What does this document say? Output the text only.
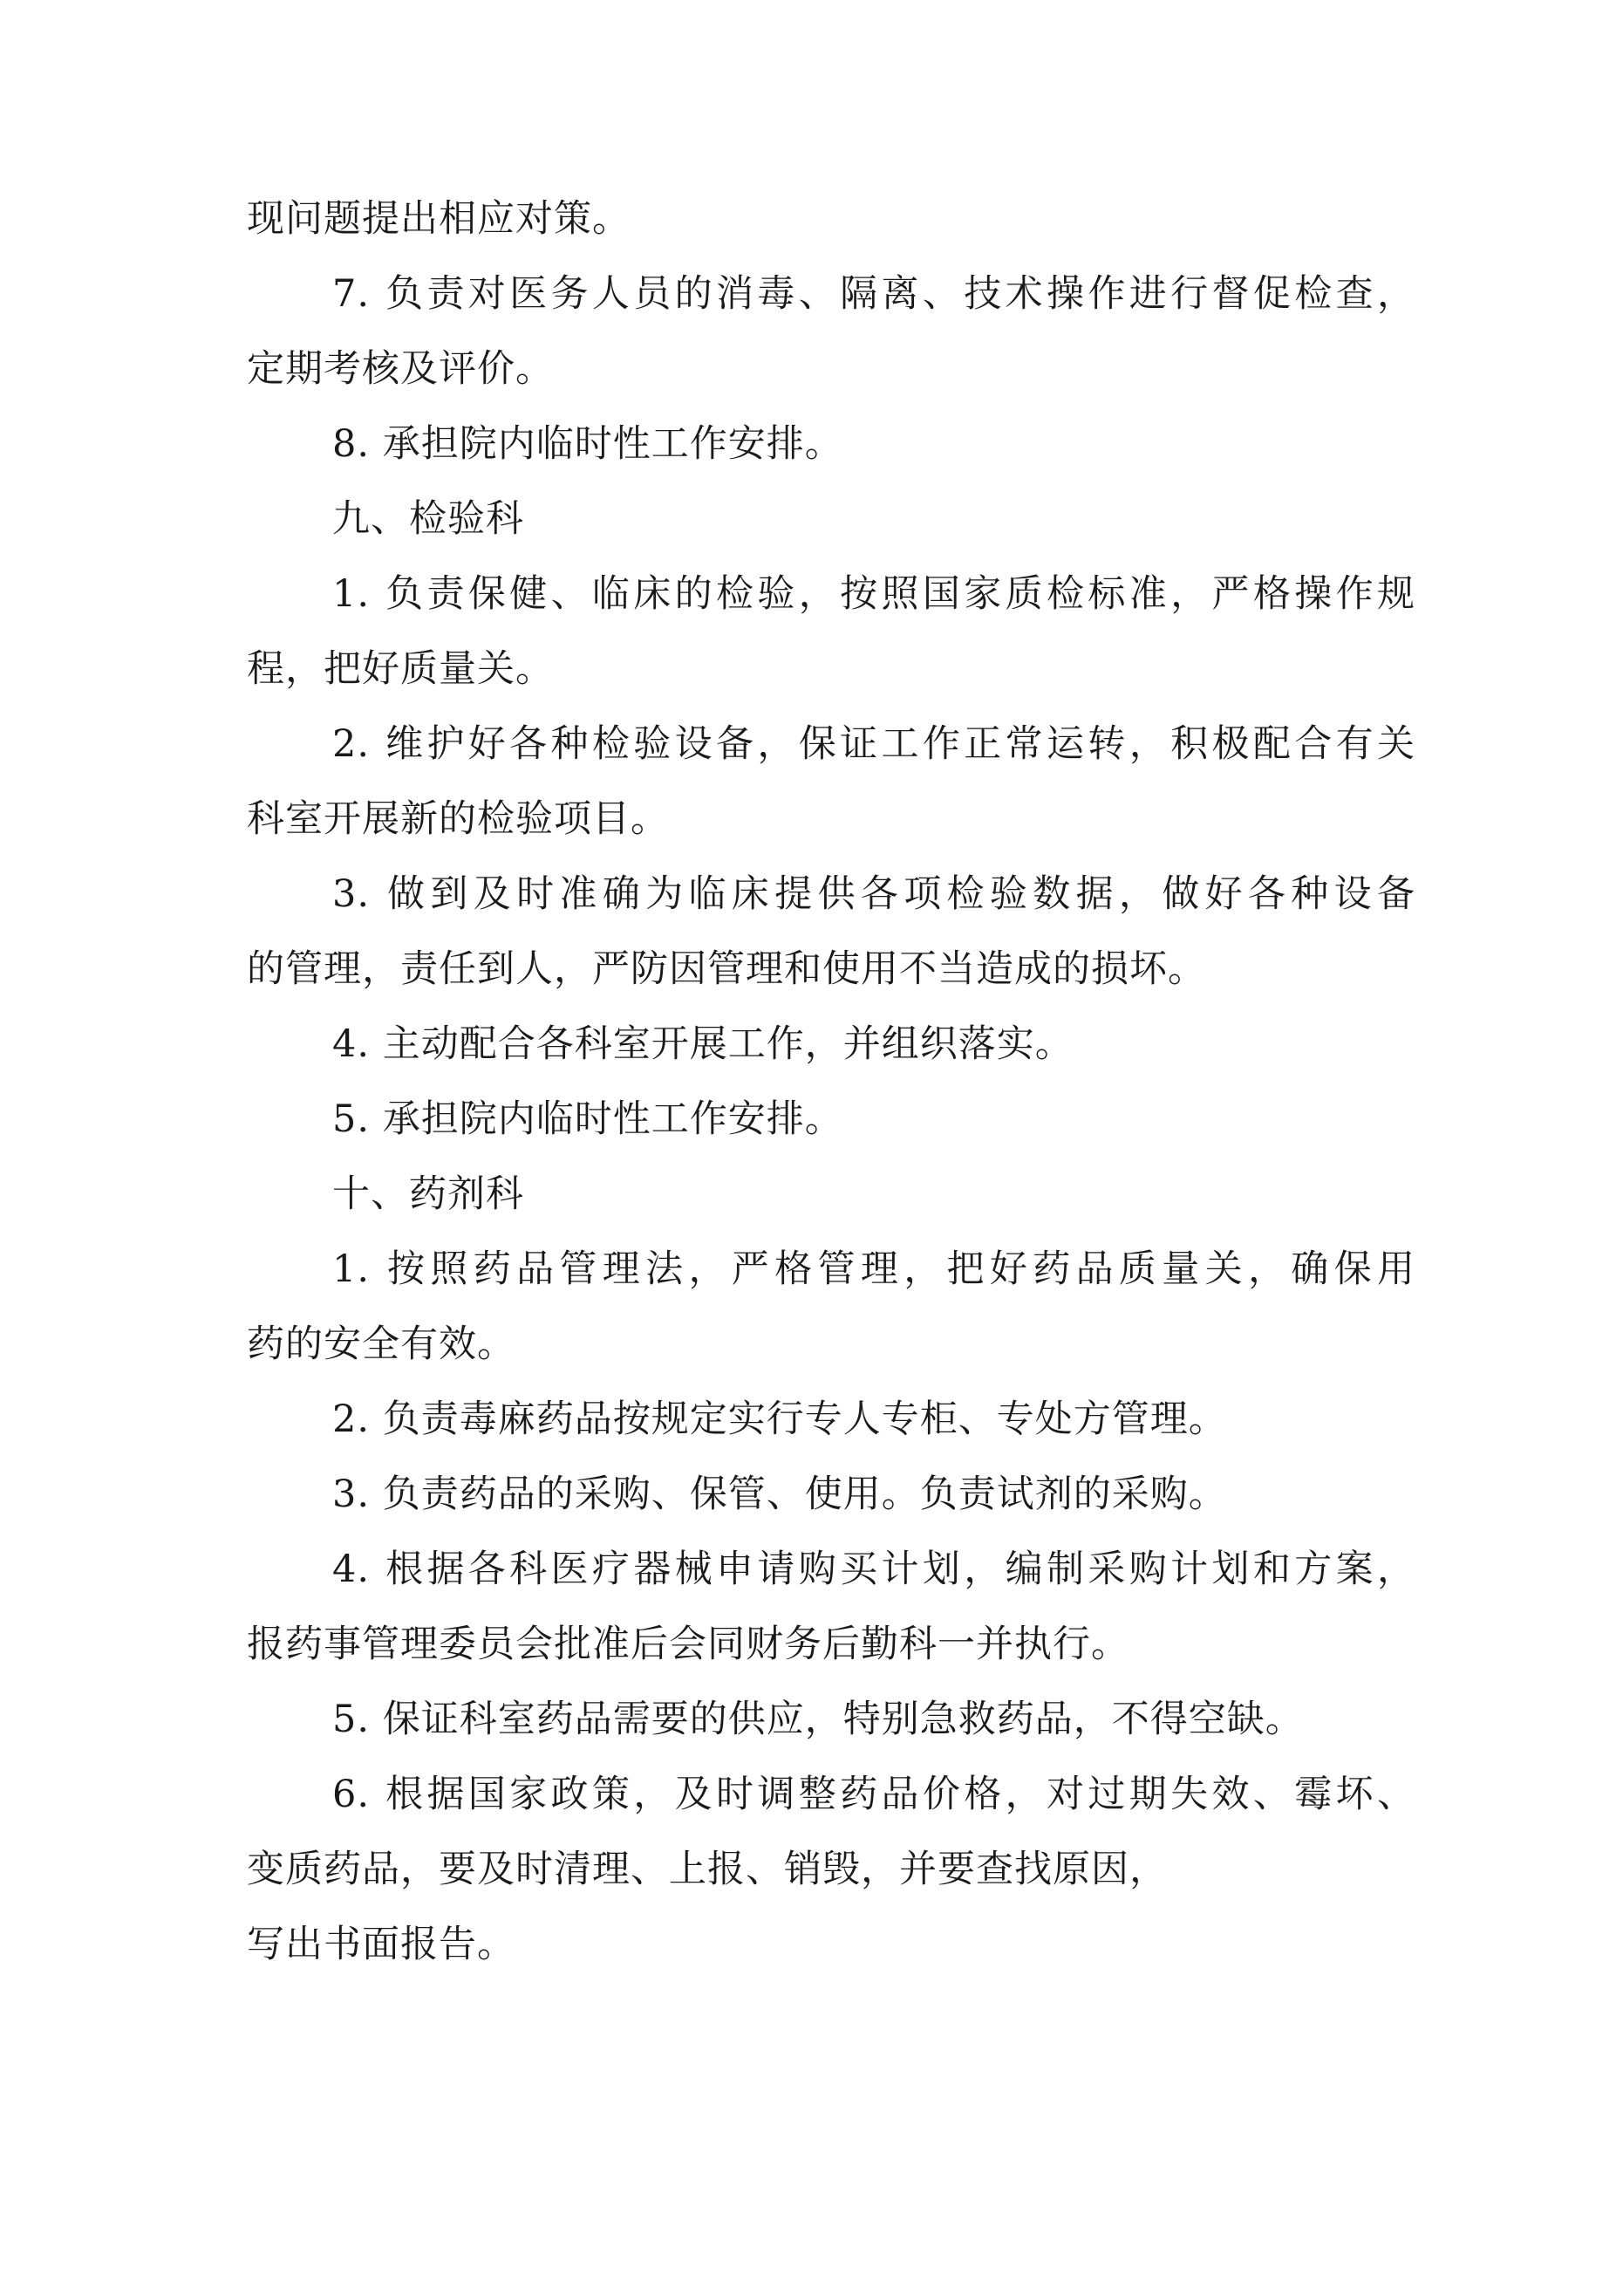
现问题提出相应对策。
7. 负责对医务人员的消毒、隔离、技术操作进行督促检查，
定期考核及评价。
8. 承担院内临时性工作安排。
九、检验科
1. 负责保健、临床的检验，按照国家质检标准，严格操作规
程，把好质量关。
2. 维护好各种检验设备，保证工作正常运转，积极配合有关
科室开展新的检验项目。
3. 做到及时准确为临床提供各项检验数据，做好各种设备
的管理，责任到人，严防因管理和使用不当造成的损坏。
4. 主动配合各科室开展工作，并组织落实。
5. 承担院内临时性工作安排。
十、药剂科
1. 按照药品管理法，严格管理，把好药品质量关，确保用
药的安全有效。
2. 负责毒麻药品按规定实行专人专柜、专处方管理。
3. 负责药品的采购、保管、使用。负责试剂的采购。
4. 根据各科医疗器械申请购买计划，编制采购计划和方案，
报药事管理委员会批准后会同财务后勤科一并执行。
5. 保证科室药品需要的供应，特别急救药品，不得空缺。
6. 根据国家政策，及时调整药品价格，对过期失效、霉坏、
变质药品，要及时清理、上报、销毁，并要查找原因，
写出书面报告。
